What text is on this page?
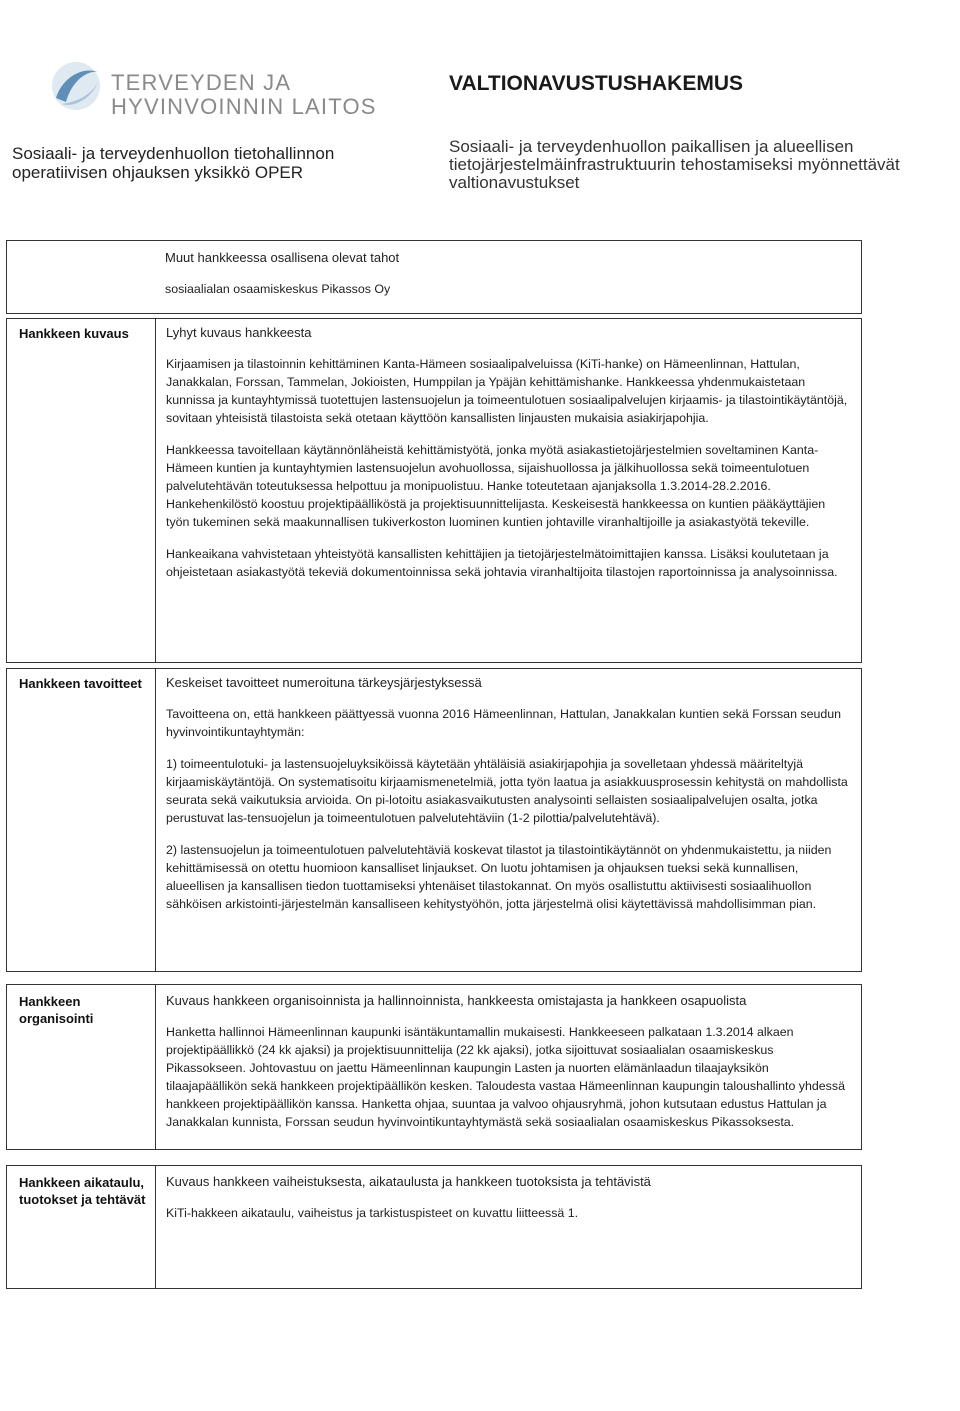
TERVEYDEN JA
HYVINVOINNIN LAITOS
Sosiaali- ja terveydenhuollon tietohallinnon operatiivisen ohjauksen yksikkö OPER
VALTIONAVUSTUSHAKEMUS
Sosiaali- ja terveydenhuollon paikallisen ja alueellisen tietojärjestelmäinfrastruktuurin tehostamiseksi myönnettävät valtionavustukset
Muut hankkeessa osallisena olevat tahot
sosiaalialan osaamiskeskus Pikassos Oy
Hankkeen kuvaus	Lyhyt kuvaus hankkeesta
Kirjaamisen ja tilastoinnin kehittäminen Kanta-Hämeen sosiaalipalveluissa (KiTi-hanke) on Hämeenlinnan, Hattulan, Janakkalan, Forssan, Tammelan, Jokioisten, Humppilan ja Ypäjän kehittämishanke. Hankkeessa yhdenmukaistetaan kunnissa ja kuntayhtymissä tuotettujen lastensuojelun ja toimeentulotuen sosiaalipalvelujen kirjaamis- ja tilastointikäytäntöjä, sovitaan yhteisistä tilastoista sekä otetaan käyttöön kansallisten linjausten mukaisia asiakirjapohjia.
Hankkeessa tavoitellaan käytännönläheistä kehittämistyötä, jonka myötä asiakastietojärjestelmien soveltaminen Kanta-Hämeen kuntien ja kuntayhtymien lastensuojelun avohuollossa, sijaishuollossa ja jälkihuollossa sekä toimeentulotuen palvelutehtävän toteutuksessa helpottuu ja monipuolistuu. Hanke toteutetaan ajanjaksolla 1.3.2014-28.2.2016. Hankehenkilöstö koostuu projektipäälliköstä ja projektisuunnittelijasta. Keskeisestä hankkeessa on kuntien pääkäyttäjien työn tukeminen sekä maakunnallisen tukiverkoston luominen kuntien johtaville viranhaltijoille ja asiakastyötä tekeville.
Hankeaikana vahvistetaan yhteistyötä kansallisten kehittäjien ja tietojärjestelmätoimittajien kanssa. Lisäksi koulutetaan ja ohjeistetaan asiakastyötä tekeviä dokumentoinnissa sekä johtavia viranhaltijoita tilastojen raportoinnissa ja analysoinnissa.
Hankkeen tavoitteet Keskeiset tavoitteet numeroituna tärkeysjärjestyksessä
Tavoitteena on, että hankkeen päättyessä vuonna 2016 Hämeenlinnan, Hattulan, Janakkalan kuntien sekä Forssan seudun hyvinvointikuntayhtymän:
1) toimeentulotuki- ja lastensuojeluyksiköissä käytetään yhtäläisiä asiakirjapohjia ja sovelletaan yhdessä määriteltyjä kirjaamiskäytäntöjä. On systematisoitu kirjaamismenetelmiä, jotta työn laatua ja asiakkuusprosessin kehitystä on mahdollista seurata sekä vaikutuksia arvioida. On pi-lotoitu asiakasvaikutusten analysointi sellaisten sosiaalipalvelujen osalta, jotka perustuvat las-tensuojelun ja toimeentulotuen palvelutehtäviin (1-2 pilottia/palvelutehtävä).
2) lastensuojelun ja toimeentulotuen palvelutehtäviä koskevat tilastot ja tilastointikäytännöt on yhdenmukaistettu, ja niiden kehittämisessä on otettu huomioon kansalliset linjaukset. On luotu johtamisen ja ohjauksen tueksi sekä kunnallisen, alueellisen ja kansallisen tiedon tuottamiseksi yhtenäiset tilastokannat. On myös osallistuttu aktiivisesti sosiaalihuollon sähköisen arkistointi-järjestelmän kansalliseen kehitystyöhön, jotta järjestelmä olisi käytettävissä mahdollisimman pian.
Hankkeen organisointi
Kuvaus hankkeen organisoinnista ja hallinnoinnista, hankkeesta omistajasta ja hankkeen osapuolista
Hanketta hallinnoi Hämeenlinnan kaupunki isäntäkuntamallin mukaisesti. Hankkeeseen palkataan 1.3.2014 alkaen projektipäällikkö (24 kk ajaksi) ja projektisuunnittelija (22 kk ajaksi), jotka sijoittuvat sosiaalialan osaamiskeskus Pikassokseen. Johtovastuu on jaettu Hämeenlinnan kaupungin Lasten ja nuorten elämänlaadun tilaajayksikön tilaajapäällikön sekä hankkeen projektipäällikön kesken. Taloudesta vastaa Hämeenlinnan kaupungin taloushallinto yhdessä hankkeen projektipäällikön kanssa. Hanketta ohjaa, suuntaa ja valvoo ohjausryhmä, johon kutsutaan edustus Hattulan ja Janakkalan kunnista, Forssan seudun hyvinvointikuntayhtymästä sekä sosiaalialan osaamiskeskus Pikassoksesta.
Hankkeen aikataulu, tuotokset ja tehtävät
Kuvaus hankkeen vaiheistuksesta, aikataulusta ja hankkeen tuotoksista ja tehtävistä
KiTi-hakkeen aikataulu, vaiheistus ja tarkistuspisteet on kuvattu liitteessä 1.
